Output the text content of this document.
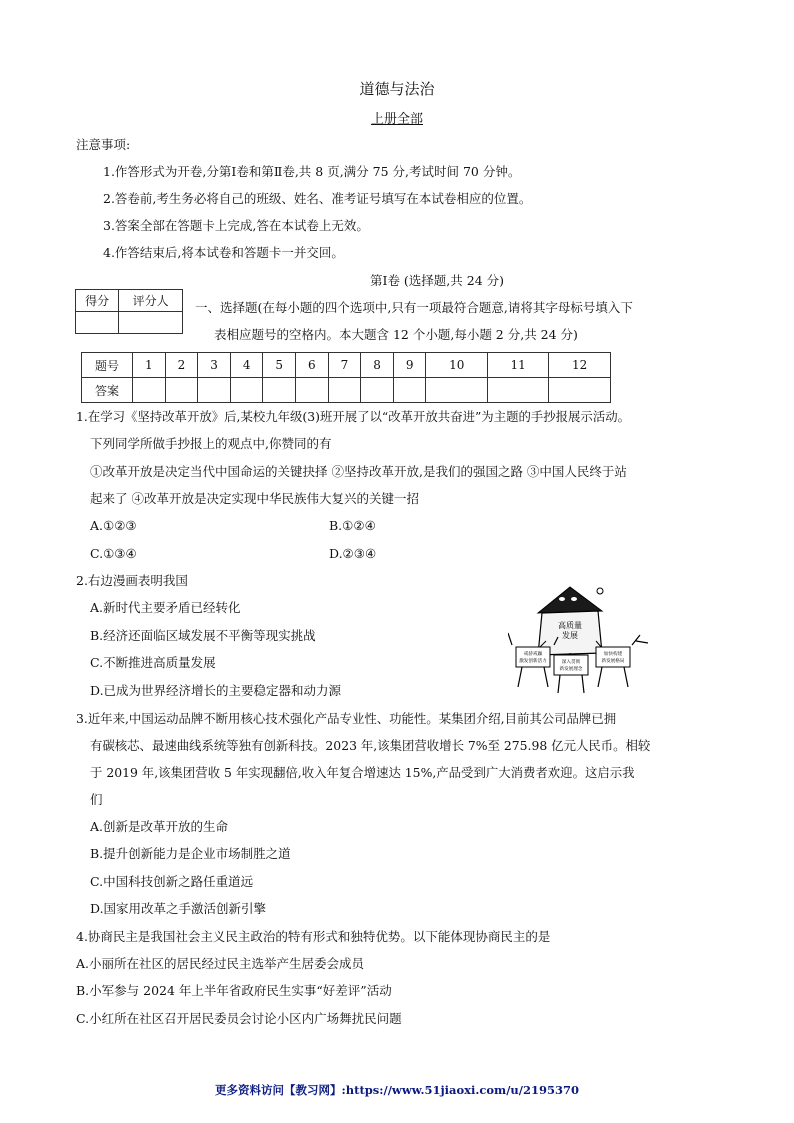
道德与法治
上册全部
注意事项:
1.作答形式为开卷,分第Ⅰ卷和第Ⅱ卷,共 8 页,满分 75 分,考试时间 70 分钟。
2.答卷前,考生务必将自己的班级、姓名、准考证号填写在本试卷相应的位置。
3.答案全部在答题卡上完成,答在本试卷上无效。
4.作答结束后,将本试卷和答题卡一并交回。
第Ⅰ卷 (选择题,共 24 分)
得分	评分人
	一、选择题(在每小题的四个选项中,只有一项最符合题意,请将其字母标号填入下
表相应题号的空格内。本大题含 12 个小题,每小题 2 分,共 24 分)
题号	1	2	3	4	5	6	7	8	9	10	11	12
答案												
1.在学习《坚持改革开放》后,某校九年级(3)班开展了以“改革开放共奋进”为主题的手抄报展示活动。
下列同学所做手抄报上的观点中,你赞同的有
①改革开放是决定当代中国命运的关键抉择 ②坚持改革开放,是我们的强国之路 ③中国人民终于站
起来了 ④改革开放是决定实现中华民族伟大复兴的关键一招
A.①②③	B.①②④
C.①③④	D.②③④
2.右边漫画表明我国
A.新时代主要矛盾已经转化
B.经济还面临区域发展不平衡等现实挑战
C.不断推进高质量发展
D.已成为世界经济增长的主要稳定器和动力源
高质量
发展
戒骄戒躁
激发创新活力	深入贯彻
新发展理念
加快构建
新发展格局
3.近年来,中国运动品牌不断用核心技术强化产品专业性、功能性。某集团介绍,目前其公司品牌已拥
有碳核芯、最速曲线系统等独有创新科技。2023 年,该集团营收增长 7%至 275.98 亿元人民币。相较
于 2019 年,该集团营收 5 年实现翻倍,收入年复合增速达 15%,产品受到广大消费者欢迎。这启示我
们
A.创新是改革开放的生命
B.提升创新能力是企业市场制胜之道
C.中国科技创新之路任重道远
D.国家用改革之手激活创新引擎
4.协商民主是我国社会主义民主政治的特有形式和独特优势。以下能体现协商民主的是
A.小丽所在社区的居民经过民主选举产生居委会成员
B.小军参与 2024 年上半年省政府民生实事“好差评”活动
C.小红所在社区召开居民委员会讨论小区内广场舞扰民问题
更多资料访问【教习网】:https://www.51jiaoxi.com/u/2195370
